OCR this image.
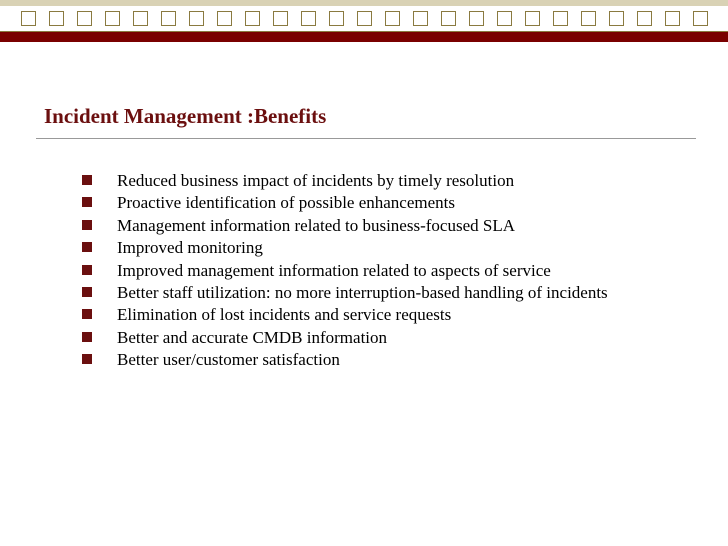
Incident Management :Benefits
Reduced business impact of incidents by timely resolution
Proactive identification of possible enhancements
Management information related to business-focused SLA
Improved monitoring
Improved management information related to aspects of service
Better staff utilization: no more interruption-based handling of incidents
Elimination of lost incidents and service requests
Better and accurate CMDB information
Better user/customer satisfaction
